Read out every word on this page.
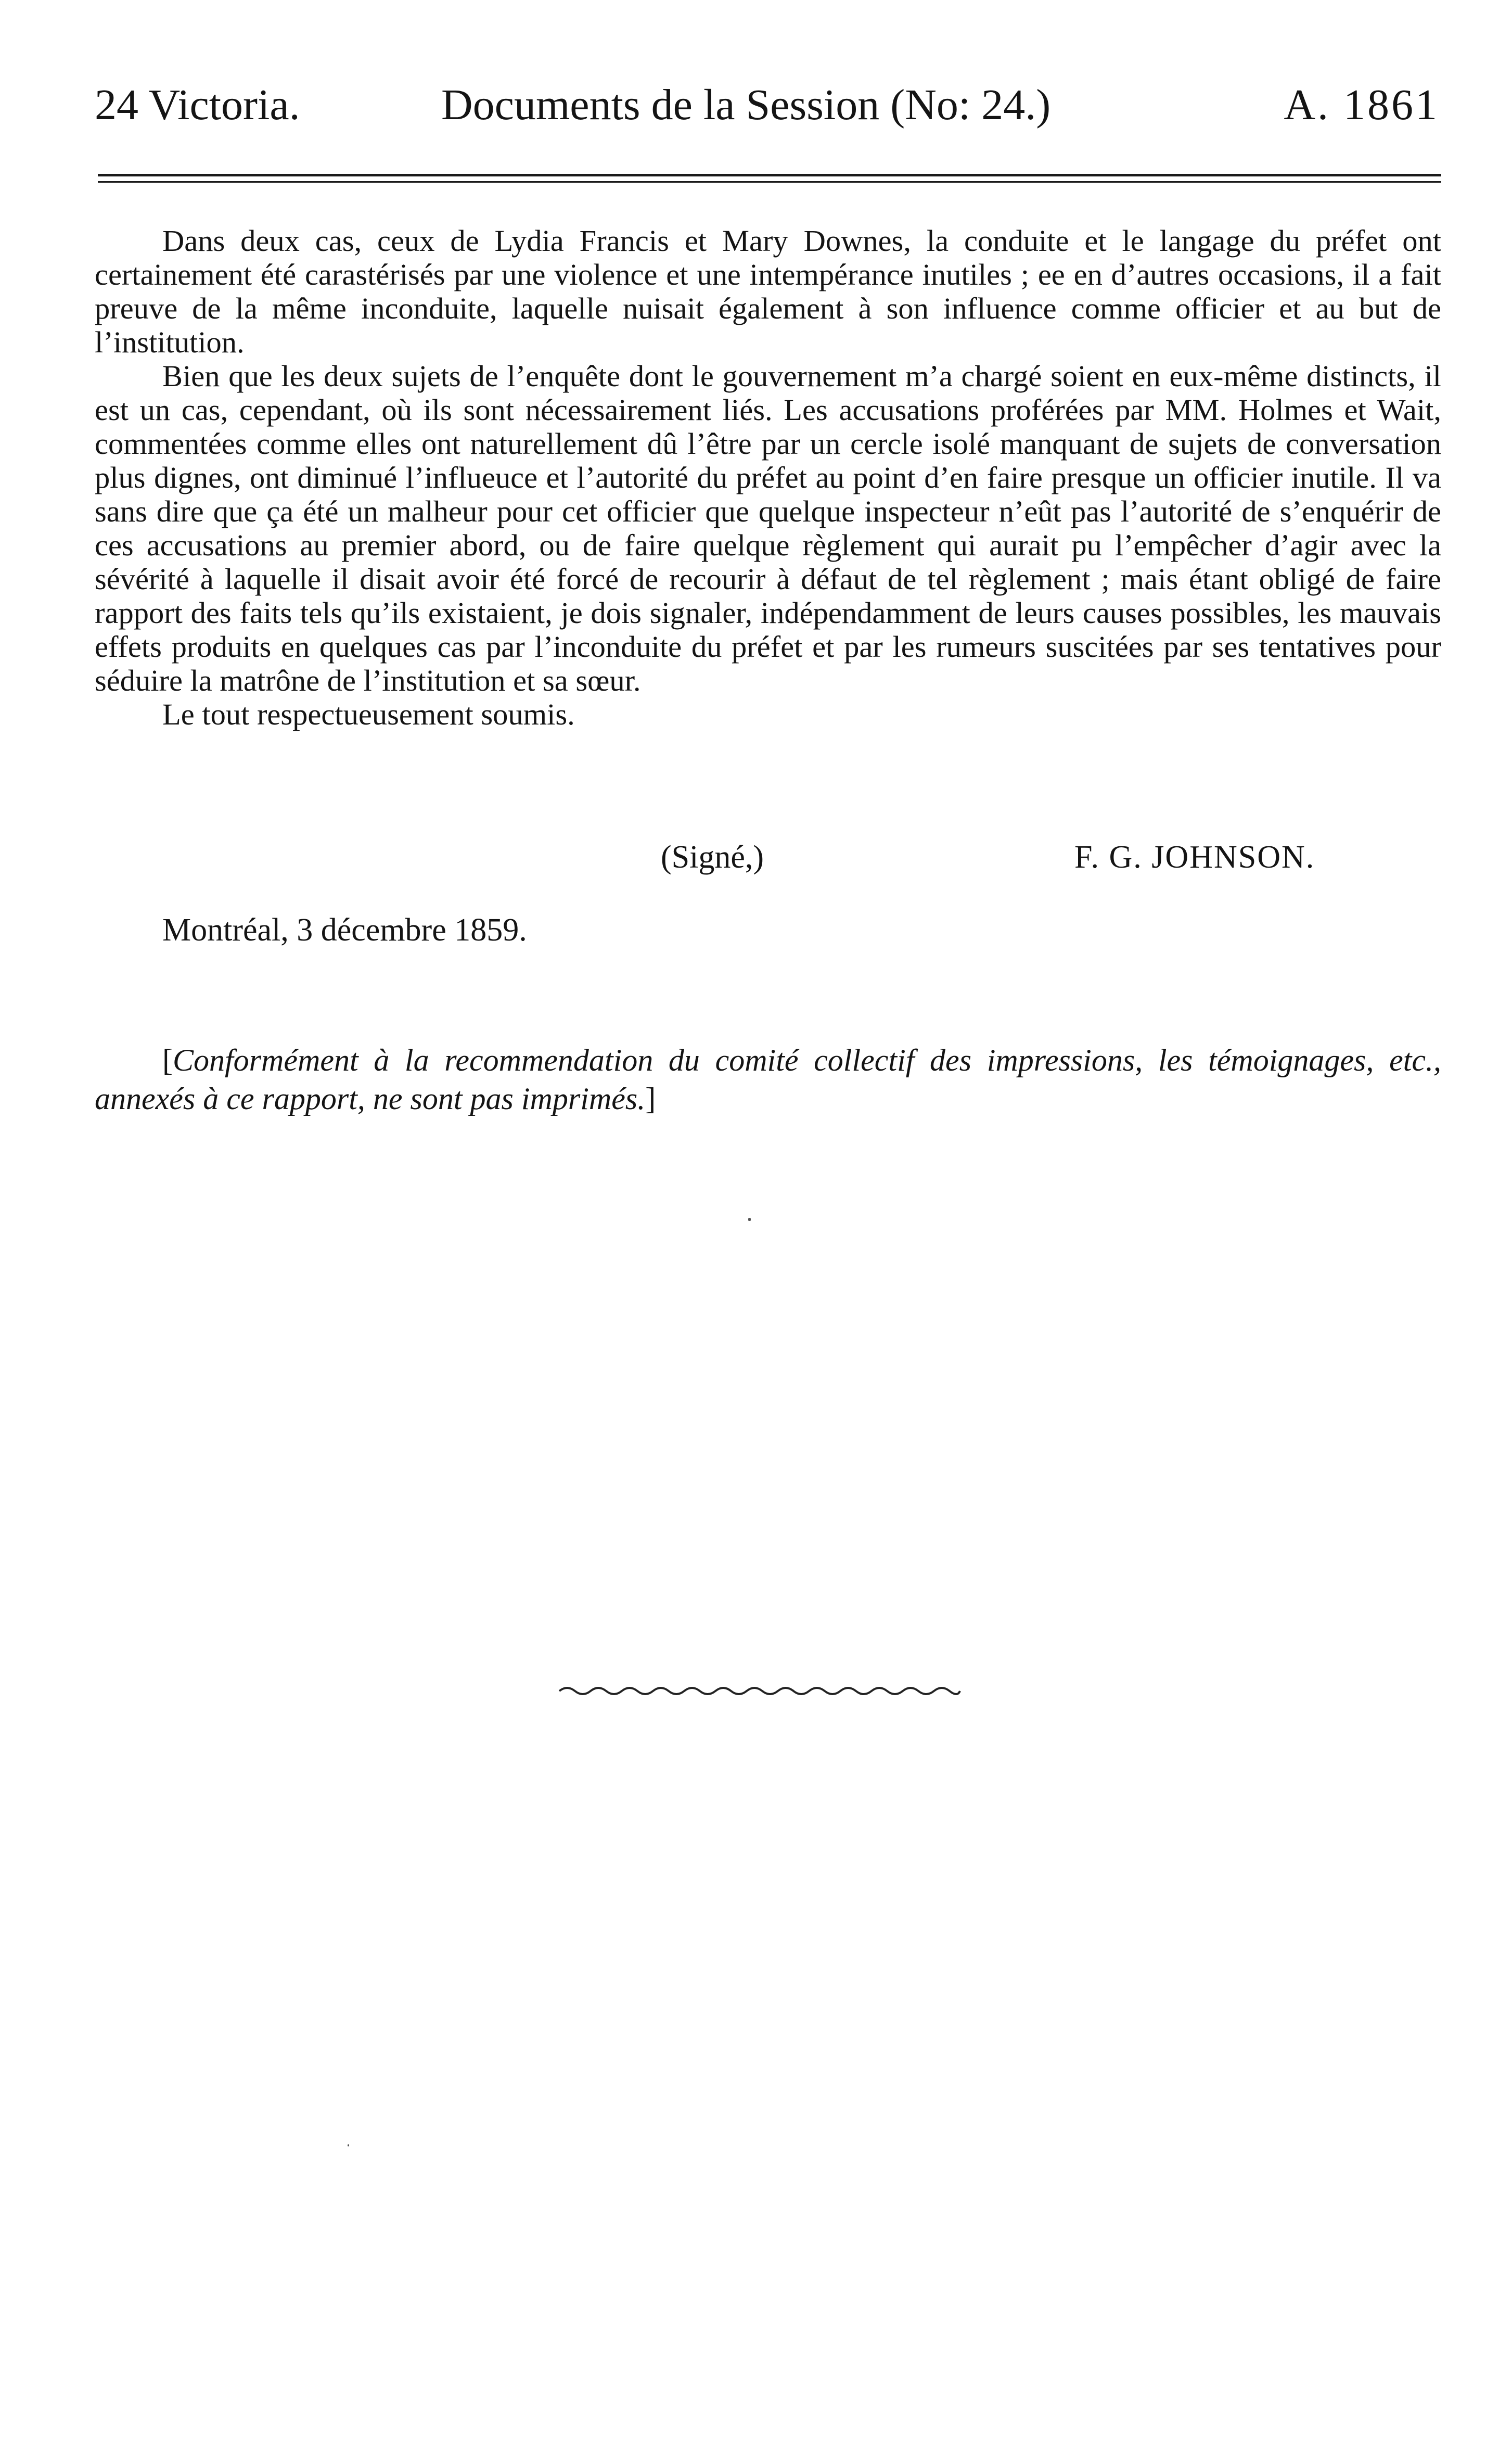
24 Victoria.	Documents de la Session (No: 24.)	A. 1861

Dans deux cas, ceux de Lydia Francis et Mary Downes, la conduite et le langage du préfet ont certainement été carastérisés par une violence et une intempérance inutiles ; ee en d’autres occasions, il a fait preuve de la même inconduite, laquelle nuisait également à son influence comme officier et au but de l’institution.

Bien que les deux sujets de l’enquête dont le gouvernement m’a chargé soient en eux-même distincts, il est un cas, cependant, où ils sont nécessairement liés. Les accusations proférées par MM. Holmes et Wait, commentées comme elles ont naturellement dû l’être par un cercle isolé manquant de sujets de conversation plus dignes, ont diminué l’influeuce et l’autorité du préfet au point d’en faire presque un officier inutile. Il va sans dire que ça été un malheur pour cet officier que quelque inspecteur n’eût pas l’autorité de s’enquérir de ces accusations au premier abord, ou de faire quelque règlement qui aurait pu l’empêcher d’agir avec la sévérité à laquelle il disait avoir été forcé de recourir à défaut de tel règlement ; mais étant obligé de faire rapport des faits tels qu’ils existaient, je dois signaler, indépendamment de leurs causes possibles, les mauvais effets produits en quelques cas par l’inconduite du préfet et par les rumeurs suscitées par ses tentatives pour séduire la matrône de l’institution et sa sœur.

Le tout respectueusement soumis.

(Signé,)	F. G. JOHNSON.
Montréal, 3 décembre 1859.

[Conformément à la recommendation du comité collectif des impressions, les témoignages, etc., annexés à ce rapport, ne sont pas imprimés.]
